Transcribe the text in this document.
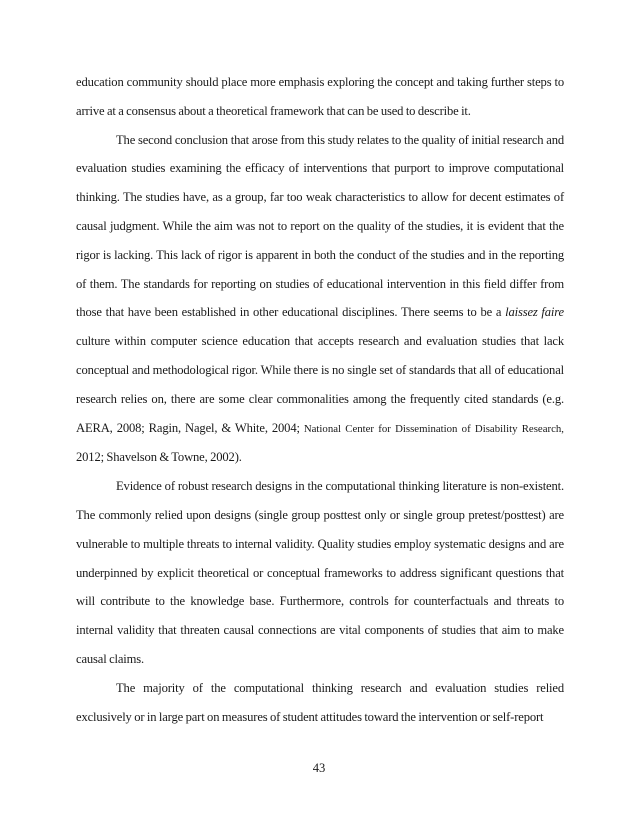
education community should place more emphasis exploring the concept and taking further steps to arrive at a consensus about a theoretical framework that can be used to describe it.

The second conclusion that arose from this study relates to the quality of initial research and evaluation studies examining the efficacy of interventions that purport to improve computational thinking. The studies have, as a group, far too weak characteristics to allow for decent estimates of causal judgment. While the aim was not to report on the quality of the studies, it is evident that the rigor is lacking. This lack of rigor is apparent in both the conduct of the studies and in the reporting of them. The standards for reporting on studies of educational intervention in this field differ from those that have been established in other educational disciplines. There seems to be a laissez faire culture within computer science education that accepts research and evaluation studies that lack conceptual and methodological rigor. While there is no single set of standards that all of educational research relies on, there are some clear commonalities among the frequently cited standards (e.g. AERA, 2008; Ragin, Nagel, & White, 2004; National Center for Dissemination of Disability Research, 2012; Shavelson & Towne, 2002).

Evidence of robust research designs in the computational thinking literature is non-existent. The commonly relied upon designs (single group posttest only or single group pretest/posttest) are vulnerable to multiple threats to internal validity. Quality studies employ systematic designs and are underpinned by explicit theoretical or conceptual frameworks to address significant questions that will contribute to the knowledge base. Furthermore, controls for counterfactuals and threats to internal validity that threaten causal connections are vital components of studies that aim to make causal claims.

The majority of the computational thinking research and evaluation studies relied exclusively or in large part on measures of student attitudes toward the intervention or self-report

43
